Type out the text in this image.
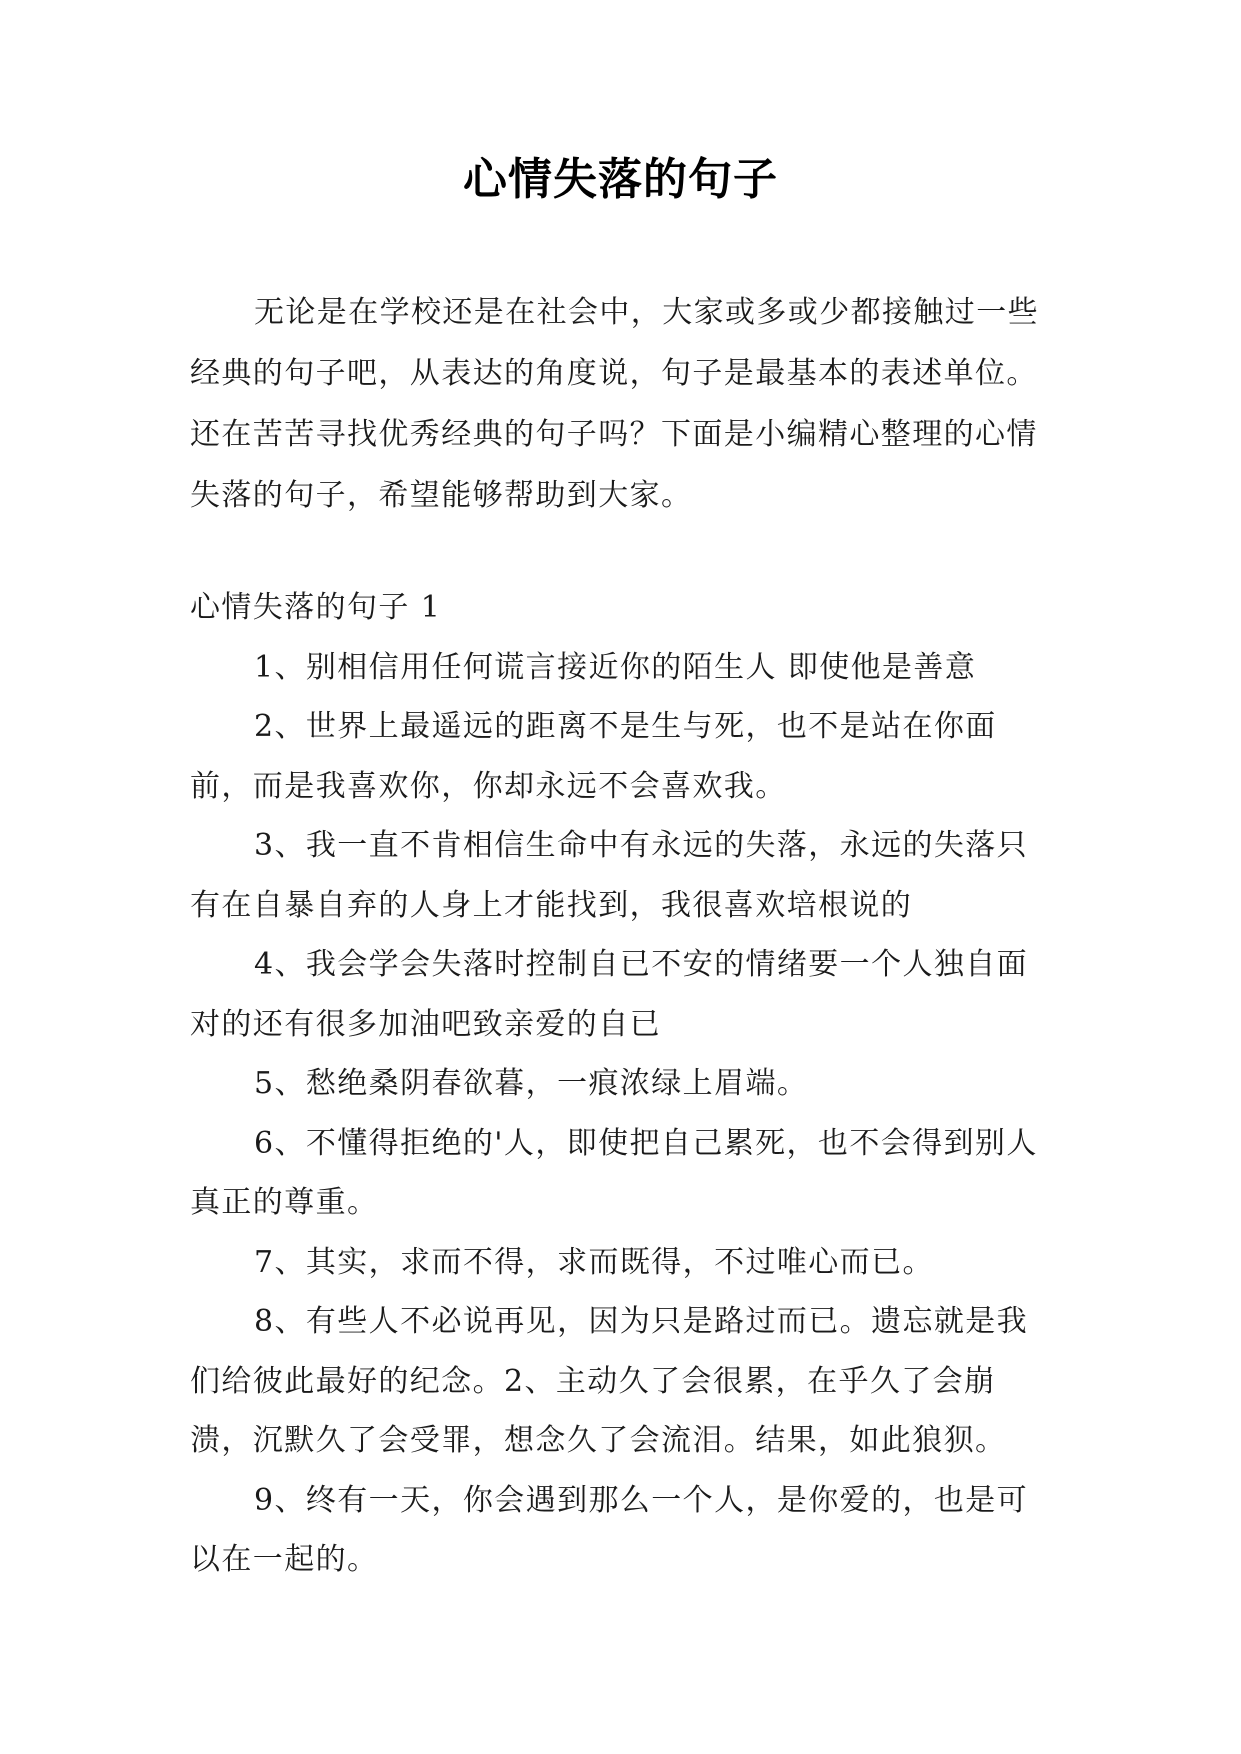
心情失落的句子

无论是在学校还是在社会中，大家或多或少都接触过一些经典的句子吧，从表达的角度说，句子是最基本的表述单位。还在苦苦寻找优秀经典的句子吗？下面是小编精心整理的心情失落的句子，希望能够帮助到大家。

心情失落的句子 1

1、别相信用任何谎言接近你的陌生人 即使他是善意

2、世界上最遥远的距离不是生与死，也不是站在你面前，而是我喜欢你，你却永远不会喜欢我。

3、我一直不肯相信生命中有永远的失落，永远的失落只有在自暴自弃的人身上才能找到，我很喜欢培根说的

4、我会学会失落时控制自已不安的情绪要一个人独自面对的还有很多加油吧致亲爱的自已

5、愁绝桑阴春欲暮，一痕浓绿上眉端。

6、不懂得拒绝的'人，即使把自己累死，也不会得到别人真正的尊重。

7、其实，求而不得，求而既得，不过唯心而已。

8、有些人不必说再见，因为只是路过而已。遗忘就是我们给彼此最好的纪念。2、主动久了会很累，在乎久了会崩溃，沉默久了会受罪，想念久了会流泪。结果，如此狼狈。

9、终有一天，你会遇到那么一个人，是你爱的，也是可以在一起的。
